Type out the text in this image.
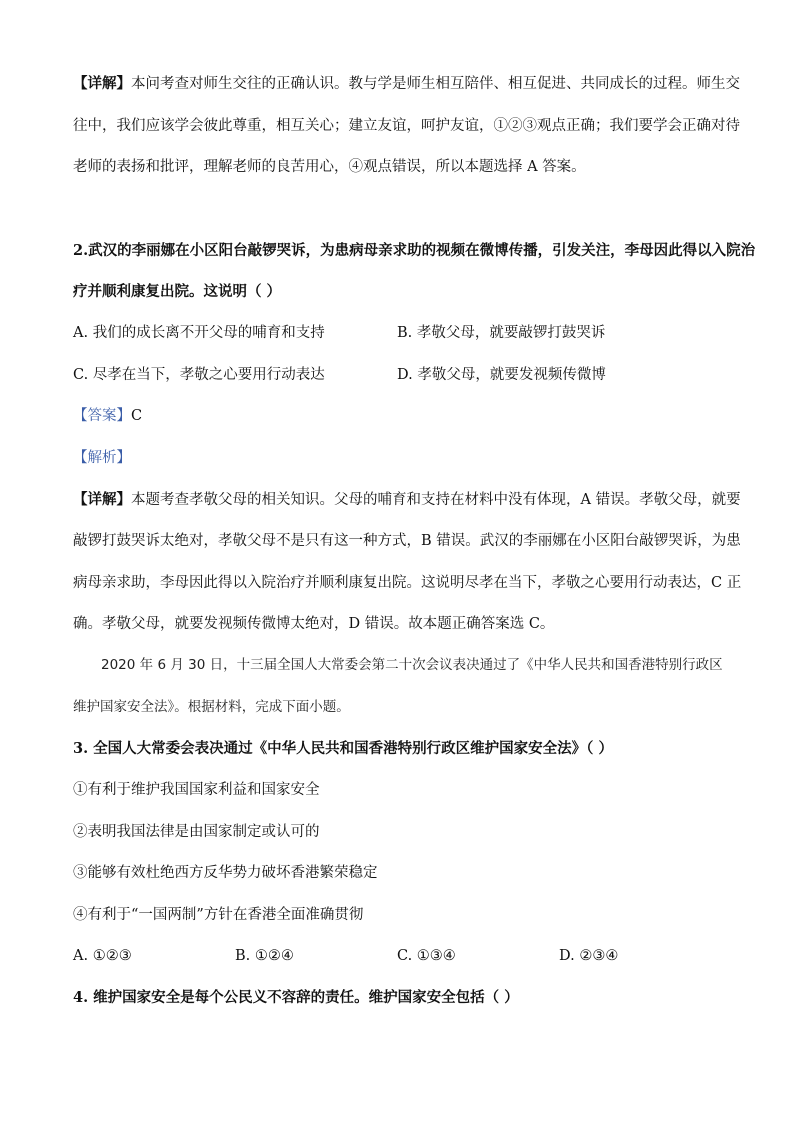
【详解】本问考查对师生交往的正确认识。教与学是师生相互陪伴、相互促进、共同成长的过程。师生交
往中，我们应该学会彼此尊重，相互关心；建立友谊，呵护友谊，①②③观点正确；我们要学会正确对待
老师的表扬和批评，理解老师的良苦用心，④观点错误，所以本题选择 A 答案。
2.武汉的李丽娜在小区阳台敲锣哭诉，为患病母亲求助的视频在微博传播，引发关注，李母因此得以入院治
疗并顺利康复出院。这说明（ ）
A. 我们的成长离不开父母的哺育和支持	B. 孝敬父母，就要敲锣打鼓哭诉
C. 尽孝在当下，孝敬之心要用行动表达	D. 孝敬父母，就要发视频传微博
【答案】C
【解析】
【详解】本题考查孝敬父母的相关知识。父母的哺育和支持在材料中没有体现，A 错误。孝敬父母，就要
敲锣打鼓哭诉太绝对，孝敬父母不是只有这一种方式，B 错误。武汉的李丽娜在小区阳台敲锣哭诉，为患
病母亲求助，李母因此得以入院治疗并顺利康复出院。这说明尽孝在当下，孝敬之心要用行动表达，C 正
确。孝敬父母，就要发视频传微博太绝对，D 错误。故本题正确答案选 C。
2020 年 6 月 30 日，十三届全国人大常委会第二十次会议表决通过了《中华人民共和国香港特别行政区
维护国家安全法》。根据材料，完成下面小题。
3. 全国人大常委会表决通过《中华人民共和国香港特别行政区维护国家安全法》（ ）
①有利于维护我国国家利益和国家安全
②表明我国法律是由国家制定或认可的
③能够有效杜绝西方反华势力破坏香港繁荣稳定
④有利于“一国两制”方针在香港全面准确贯彻
A. ①②③	B. ①②④	C. ①③④	D. ②③④
4. 维护国家安全是每个公民义不容辞的责任。维护国家安全包括（ ）
